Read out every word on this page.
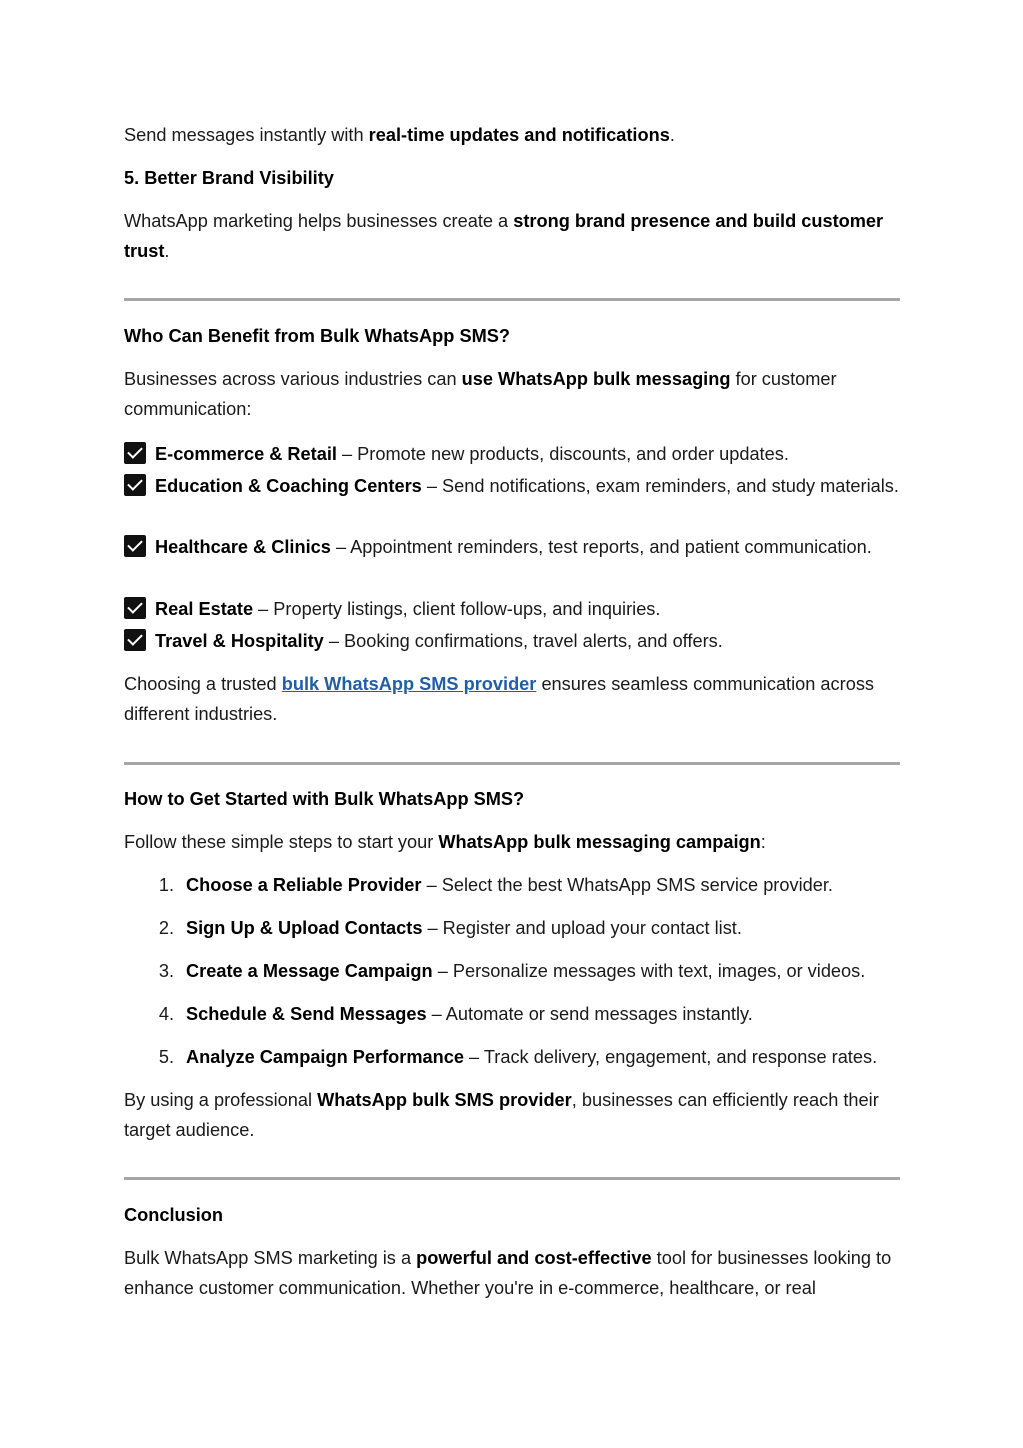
Send messages instantly with real-time updates and notifications.

5. Better Brand Visibility

WhatsApp marketing helps businesses create a strong brand presence and build customer trust.

Who Can Benefit from Bulk WhatsApp SMS?

Businesses across various industries can use WhatsApp bulk messaging for customer communication:

E-commerce & Retail – Promote new products, discounts, and order updates.

Education & Coaching Centers – Send notifications, exam reminders, and study materials.

Healthcare & Clinics – Appointment reminders, test reports, and patient communication.

Real Estate – Property listings, client follow-ups, and inquiries.

Travel & Hospitality – Booking confirmations, travel alerts, and offers.

Choosing a trusted bulk WhatsApp SMS provider ensures seamless communication across different industries.

How to Get Started with Bulk WhatsApp SMS?

Follow these simple steps to start your WhatsApp bulk messaging campaign:

1. Choose a Reliable Provider – Select the best WhatsApp SMS service provider.
2. Sign Up & Upload Contacts – Register and upload your contact list.
3. Create a Message Campaign – Personalize messages with text, images, or videos.
4. Schedule & Send Messages – Automate or send messages instantly.
5. Analyze Campaign Performance – Track delivery, engagement, and response rates.

By using a professional WhatsApp bulk SMS provider, businesses can efficiently reach their target audience.

Conclusion

Bulk WhatsApp SMS marketing is a powerful and cost-effective tool for businesses looking to enhance customer communication. Whether you're in e-commerce, healthcare, or real
